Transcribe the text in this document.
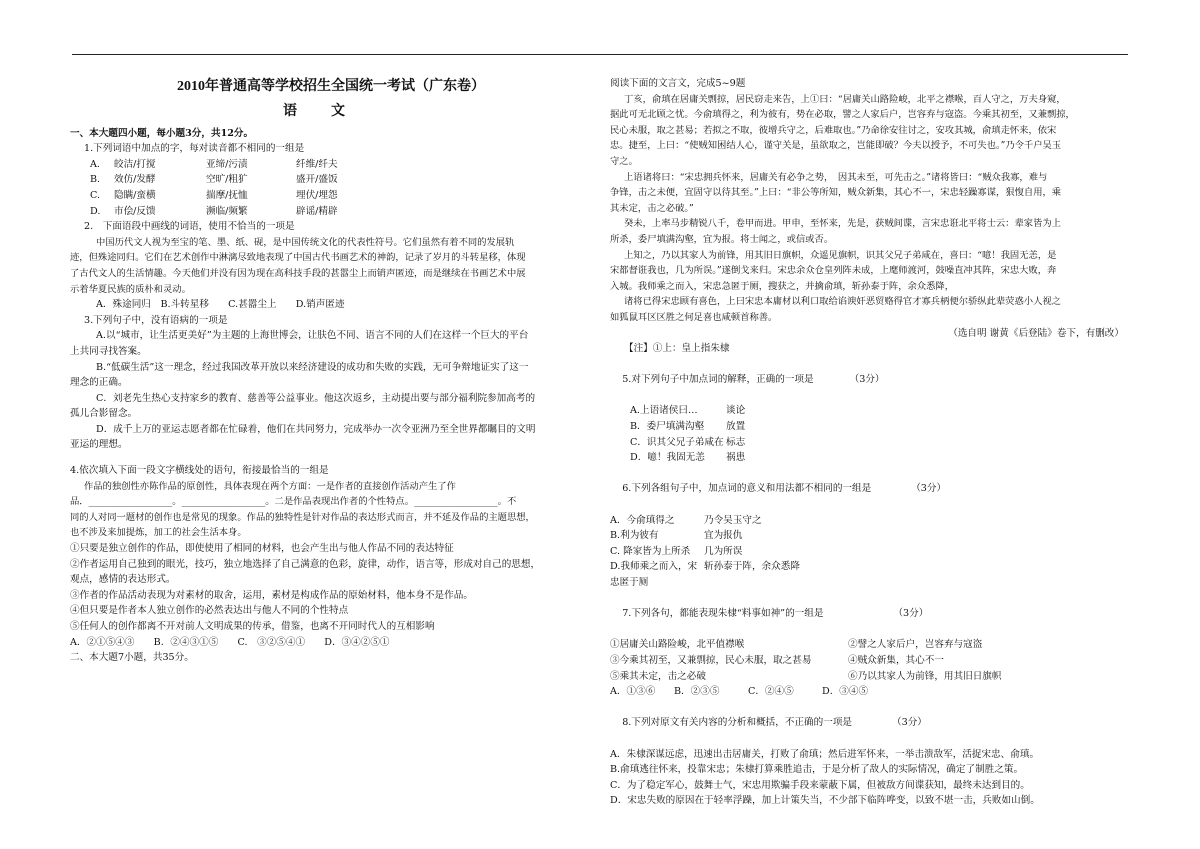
2010年普通高等学校招生全国统一考试（广东卷）
语文
一、本大题四小题，每小题3分，共12分。
1.下列词语中加点的字，每对读音都不相同的一组是
A.	皎洁/打搅	亚缔/污渍	纤维/纤夫
B.	效仿/发酵	空旷/粗犷	盛开/盛饭
C.	隐瞒/蛮横	揣摩/抚恤	埋伏/埋怨
D.	市侩/反馈	濒临/频繁	辟谣/精辟
2.　下面语段中画线的词语，使用不恰当的一项是
中国历代文人视为至宝的笔、墨、纸、砚，是中国传统文化的代表性符号。它们虽然有着不同的发展轨
迹，但殊途同归。它们在艺术创作中淋漓尽致地表现了中国古代书画艺术的神韵，记录了岁月的斗转星移，体现
了古代文人的生活情趣。今天他们并没有因为现在高科技手段的甚嚣尘上而销声匿迹，而是继续在书画艺术中展
示着华夏民族的质朴和灵动。
A．殊途同归　B.斗转星移　　C.甚嚣尘上　　D.销声匿迹
3.下列句子中，没有语病的一项是
A.以“城市，让生活更美好”为主题的上海世博会，让肤色不同、语言不同的人们在这样一个巨大的平台
上共同寻找答案。
B.“低碳生活”这一理念，经过我国改革开放以来经济建设的成功和失败的实践，无可争辩地证实了这一
理念的正确。
C．刘老先生热心支持家乡的教育、慈善等公益事业。他这次返乡，主动提出要与部分福利院参加高考的
孤儿合影留念。
D．成千上万的亚运志愿者都在忙碌着，他们在共同努力，完成举办一次令亚洲乃至全世界都瞩目的文明
亚运的理想。
4.依次填入下面一段文字横线处的语句，衔接最恰当的一组是
作品的独创性亦陈作品的原创性，具体表现在两个方面：一是作者的直接创作活动产生了作
品．__________________。__________________。二是作品表现出作者的个性特点。__________________。不
同的人对同一题材的创作也是常见的现象。作品的独特性是针对作品的表达形式而言，并不延及作品的主题思想，
也不涉及来加提炼，加工的社会生活本身。
①只要是独立创作的作品，即使使用了相同的材料，也会产生出与他人作品不同的表达特征
②作者运用自己独到的眼光，技巧，独立地选择了自己满意的色彩，旋律，动作，语言等，形成对自己的思想，
观点，感情的表达形式。
③作者的作品活动表现为对素材的取舍，运用，素材是构成作品的原始材料，他本身不是作品。
④但只要是作者本人独立创作的必然表达出与他人不同的个性特点
⑤任何人的创作都离不开对前人文明成果的传承，借鉴，也离不开同时代人的互相影响
A．②①⑤④③　　B．②④③①⑤　　C.　③②⑤④①　　D．③④②⑤①
二、本大题7小题，共35分。
阅读下面的文言文，完成5~9题
丁亥，俞瑱在居庸关剽掠，居民窃走来告，上①曰：“居庸关山路险峻，北平之襟喉，百人守之，万夫身窥，
据此可无北顾之忧。今俞瑱得之，利为彼有，势在必取，譬之人家后户，岂容弃与寇盗。今乘其初至，又兼剽掠，
民心未服，取之甚易；若拟之不取，彼增兵守之，后难取也。”乃命徐安往讨之，安攻其城，俞瑱走怀来，依宋
忠。捷至，上曰：“使贼知困结人心，谨守关是，虽欲取之，岂能即破？今夫以授予，不可失也。”乃令千户吴玉
守之。
上语诸将曰：“宋忠拥兵怀来，居庸关有必争之势，　因其未至，可先击之。”诸将皆曰：“贼众我寡，难与
争锋，击之未便，宜固守以待其至。”上曰：“非公等所知，贼众新集，其心不一，宋忠轻躁寡谋，狠愎自用，乘
其未定，击之必破。”
癸未，上率马步精锐八千，卷甲而进。甲申，至怀来，先是，获贼间谍，言宋忠诳北平将士云：辈家皆为上
所杀，委尸填满沟壑，宜为报。将士闻之，或信或否。
上知之，乃以其家人为前锋，用其旧日旗帜，众遥见旗帜，识其父兄子弟咸在，喜曰：“噫！我固无恙，是
宋都督诳我也，几为所误。”遂倒戈来归。宋忠余众仓皇列阵未成，上麾师渡河，鼓噪直冲其阵，宋忠大败，奔
入城。我师乘之而入，宋忠急匿于厕，搜获之，并擒俞瑱，斩孙泰于阵，余众悉降，
诸将已得宋忠顾有喜色，上曰宋忠本庸材以利口取给谄谀奸恶贸赂得官才寡兵柄便尔骄纵此辈荧惑小人视之
如狐鼠耳区区胜之何足喜也咸顿首称善。
（选自明 谢黄《后登陆》卷下，有删改）
【注】①上：皇上指朱棣

5.对下列句子中加点词的解释，正确的一项是	（3分）

A.上语诸侯曰…	谈论
B．委尸填满沟壑	放置
C．识其父兄子弟咸在 标志
D．噫！我固无恙	祸患

6.下列各组句子中，加点词的意义和用法都不相同的一组是	（3分）

A．今俞瑱得之	乃令吴玉守之
B.利为彼有	宜为报仇
C. 降家皆为上所杀	几为所误
D.我师乘之而入，宋忠匿于厕
斩孙泰于阵，余众悉降

7.下列各句，都能表现朱棣“料事如神”的一组是	（3分）

①居庸关山路险峻，北平值襟喉	②譬之人家后户，岂容弃与寇盗
③今乘其初至，又兼剽掠，民心未服，取之甚易	④贼众新集，其心不一
⑤乘其未定，击之必破	⑥乃以其家人为前锋，用其旧日旗帜
A．①③⑥	B．②③⑤	C．②④⑤	D．③④⑤

8.下列对原文有关内容的分析和概括，不正确的一项是	（3分）

A．朱棣深谋远虑，迅速出击居庸关，打败了俞瑱；然后进军怀来，一举击溃敌军，活捉宋忠、俞瑱。
B.俞瑱逃往怀来，投靠宋忠；朱棣打算乘胜追击，于是分析了敌人的实际情况，确定了制胜之策。
C．为了稳定军心，鼓舞士气，宋忠用欺骗手段来蒙蔽下属，但被敌方间谍获知，最终未达到目的。
D．宋忠失败的原因在于轻率浮躁，加上计策失当，不少部下临阵哗变，以致不堪一击，兵败如山倒。
